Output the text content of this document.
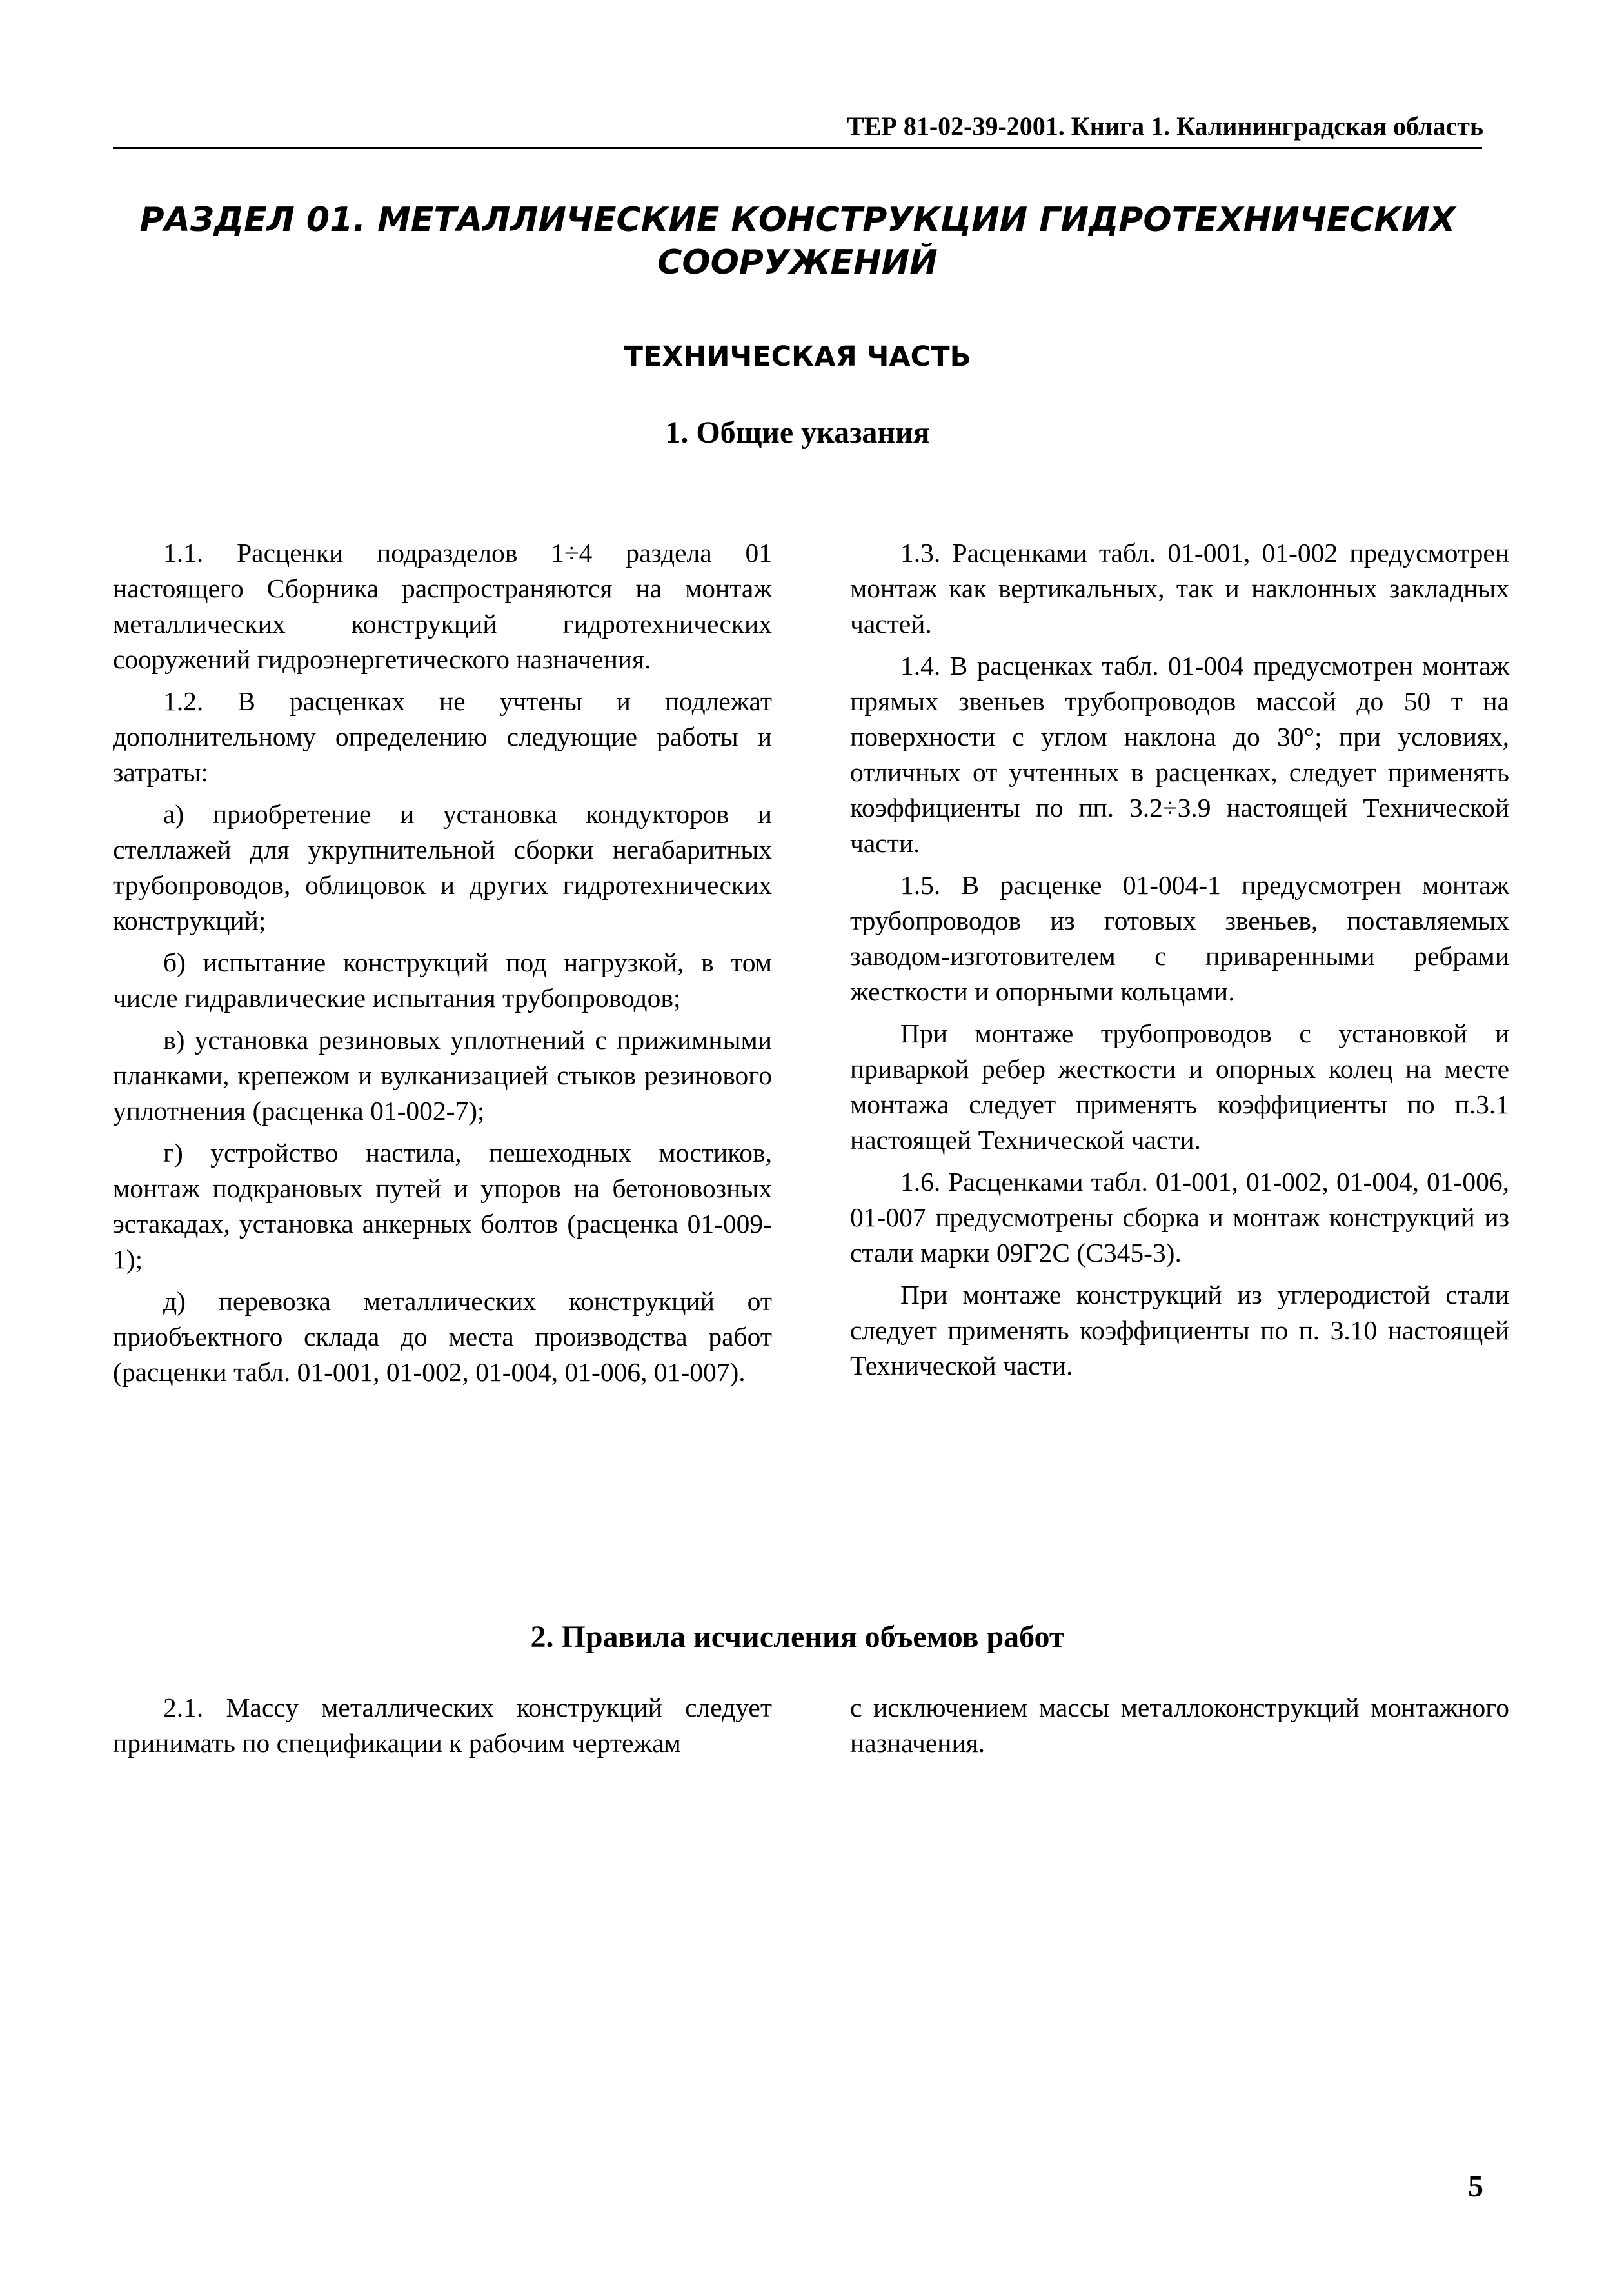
ТЕР 81-02-39-2001. Книга 1. Калининградская область
РАЗДЕЛ 01. МЕТАЛЛИЧЕСКИЕ КОНСТРУКЦИИ ГИДРОТЕХНИЧЕСКИХ СООРУЖЕНИЙ
ТЕХНИЧЕСКАЯ ЧАСТЬ
1. Общие указания

1.1. Расценки подразделов 1÷4 раздела 01 настоящего Сборника распространяются на монтаж металлических конструкций гидротехнических сооружений гидроэнергетического назначения.

1.2. В расценках не учтены и подлежат дополнительному определению следующие работы и затраты:

а) приобретение и установка кондукторов и стеллажей для укрупнительной сборки негабаритных трубопроводов, облицовок и других гидротехнических конструкций;

б) испытание конструкций под нагрузкой, в том числе гидравлические испытания трубопроводов;

в) установка резиновых уплотнений с прижимными планками, крепежом и вулканизацией стыков резинового уплотнения (расценка 01-002-7);

г) устройство настила, пешеходных мостиков, монтаж подкрановых путей и упоров на бетоновозных эстакадах, установка анкерных болтов (расценка 01-009-1);

д) перевозка металлических конструкций от приобъектного склада до места производства работ (расценки табл. 01-001, 01-002, 01-004, 01-006, 01-007).

1.3. Расценками табл. 01-001, 01-002 предусмотрен монтаж как вертикальных, так и наклонных закладных частей.

1.4. В расценках табл. 01-004 предусмотрен монтаж прямых звеньев трубопроводов массой до 50 т на поверхности с углом наклона до 30°; при условиях, отличных от учтенных в расценках, следует применять коэффициенты по пп. 3.2÷3.9 настоящей Технической части.

1.5. В расценке 01-004-1 предусмотрен монтаж трубопроводов из готовых звеньев, поставляемых заводом-изготовителем с приваренными ребрами жесткости и опорными кольцами.

При монтаже трубопроводов с установкой и приваркой ребер жесткости и опорных колец на месте монтажа следует применять коэффициенты по п.3.1 настоящей Технической части.

1.6. Расценками табл. 01-001, 01-002, 01-004, 01-006, 01-007 предусмотрены сборка и монтаж конструкций из стали марки 09Г2С (С345-3).

При монтаже конструкций из углеродистой стали следует применять коэффициенты по п. 3.10 настоящей Технической части.

2. Правила исчисления объемов работ

2.1. Массу металлических конструкций следует принимать по спецификации к рабочим чертежам

с исключением массы металлоконструкций монтажного назначения.

5
